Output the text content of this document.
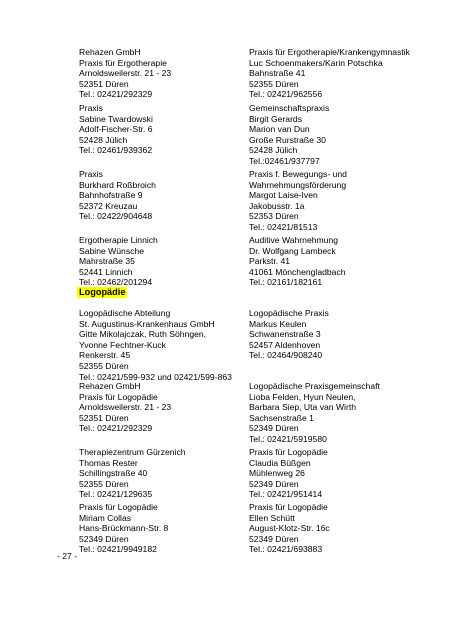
Rehazen GmbH
Praxis für Ergotherapie
Arnoldsweilerstr. 21 - 23
52351 Düren
Tel.: 02421/292329
Praxis für Ergotherapie/Krankengymnastik
Luc Schoenmakers/Karin Potschka
Bahnstraße 41
52355 Düren
Tel.: 02421/962556
Praxis
Sabine Twardowski
Adolf-Fischer-Str. 6
52428 Jülich
Tel.: 02461/939362
Gemeinschaftspraxis
Birgit Gerards
Marion van Dun
Große Rurstraße 30
52428 Jülich
Tel.:02461/937797
Praxis
Burkhard Roßbroich
Bahnhofstraße 9
52372 Kreuzau
Tel.: 02422/904648
Praxis f. Bewegungs- und
Wahrnehmungsförderung
Margot Laise-Iven
Jakobusstr. 1a
52353 Düren
Tel.: 02421/81513
Ergotherapie Linnich
Sabine Wünsche
Mahrstraße 35
52441 Linnich
Tel.: 02462/201294
Auditive Wahrnehmung
Dr. Wolfgang Lambeck
Parkstr. 41
41061 Mönchengladbach
Tel.: 02161/182161
Logopädie
Logopädische Abteilung
St. Augustinus-Krankenhaus GmbH
Gitte Mikolajczak, Ruth Söhngen,
Yvonne Fechtner-Kuck
Renkerstr. 45
52355 Düren
Tel.: 02421/599-932 und 02421/599-863
Logopädische Praxis
Markus Keulen
Schwanenstraße 3
52457 Aldenhoven
Tel.: 02464/908240
Rehazen GmbH
Praxis für Logopädie
Arnoldsweilerstr. 21 - 23
52351 Düren
Tel.: 02421/292329
Logopädische Praxisgemeinschaft
Lioba Felden, Hyun Neulen,
Barbara Siep, Uta van Wirth
Sachsenstraße 1
52349 Düren
Tel.: 02421/5919580
Therapiezentrum Gürzenich
Thomas Rester
Schillingstraße 40
52355 Düren
Tel.: 02421/129635
Praxis für Logopädie
Claudia Büßgen
Mühlenweg 26
52349 Düren
Tel.: 02421/951414
Praxis für Logopädie
Miriam Collas
Hans-Brückmann-Str. 8
52349 Düren
Tel.: 02421/9949182
Praxis für Logopädie
Ellen Schütt
August-Klotz-Str. 16c
52349 Düren
Tel.: 02421/693883
- 27 -
